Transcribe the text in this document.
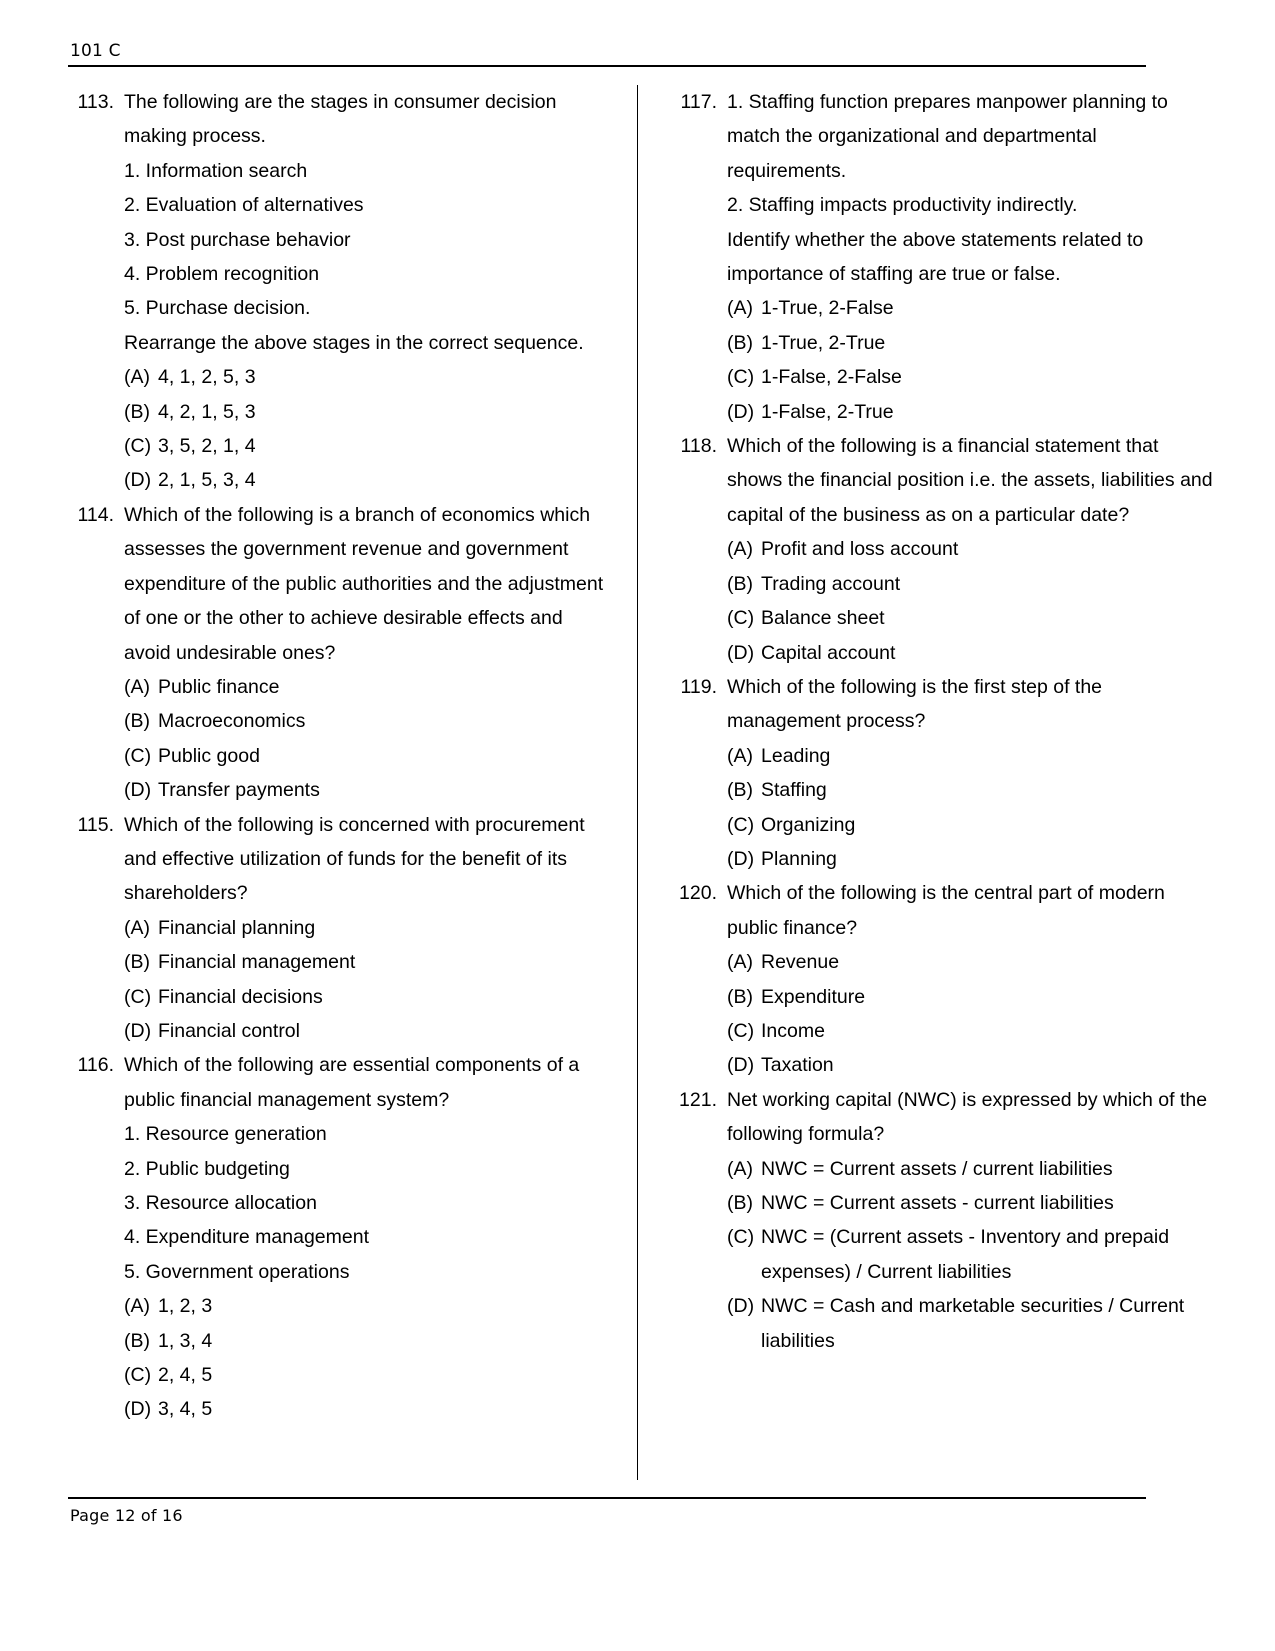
101 C
113. The following are the stages in consumer decision making process.
1. Information search
2. Evaluation of alternatives
3. Post purchase behavior
4. Problem recognition
5. Purchase decision.
Rearrange the above stages in the correct sequence.
(A) 4, 1, 2, 5, 3
(B) 4, 2, 1, 5, 3
(C) 3, 5, 2, 1, 4
(D) 2, 1, 5, 3, 4
114. Which of the following is a branch of economics which assesses the government revenue and government expenditure of the public authorities and the adjustment of one or the other to achieve desirable effects and avoid undesirable ones?
(A) Public finance
(B) Macroeconomics
(C) Public good
(D) Transfer payments
115. Which of the following is concerned with procurement and effective utilization of funds for the benefit of its shareholders?
(A) Financial planning
(B) Financial management
(C) Financial decisions
(D) Financial control
116. Which of the following are essential components of a public financial management system?
1. Resource generation
2. Public budgeting
3. Resource allocation
4. Expenditure management
5. Government operations
(A) 1, 2, 3
(B) 1, 3, 4
(C) 2, 4, 5
(D) 3, 4, 5
117. 1. Staffing function prepares manpower planning to match the organizational and departmental requirements.
2. Staffing impacts productivity indirectly.
Identify whether the above statements related to importance of staffing are true or false.
(A) 1-True, 2-False
(B) 1-True, 2-True
(C) 1-False, 2-False
(D) 1-False, 2-True
118. Which of the following is a financial statement that shows the financial position i.e. the assets, liabilities and capital of the business as on a particular date?
(A) Profit and loss account
(B) Trading account
(C) Balance sheet
(D) Capital account
119. Which of the following is the first step of the management process?
(A) Leading
(B) Staffing
(C) Organizing
(D) Planning
120. Which of the following is the central part of modern public finance?
(A) Revenue
(B) Expenditure
(C) Income
(D) Taxation
121. Net working capital (NWC) is expressed by which of the following formula?
(A) NWC = Current assets / current liabilities
(B) NWC = Current assets - current liabilities
(C) NWC = (Current assets - Inventory and prepaid expenses) / Current liabilities
(D) NWC = Cash and marketable securities / Current liabilities
Page 12 of 16
